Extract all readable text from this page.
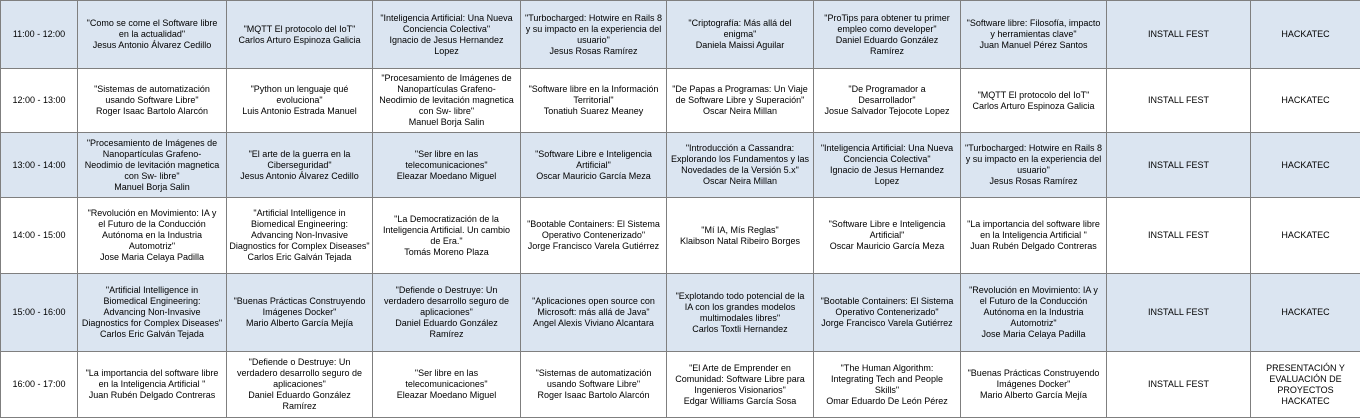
11:00 - 12:00	"Como se come el Software libre
en la actualidad"
Jesus Antonio Álvarez Cedillo	"MQTT El protocolo del IoT"
Carlos Arturo Espinoza Galicia	"Inteligencia Artificial: Una Nueva
Conciencia Colectiva"
Ignacio de Jesus Hernandez
Lopez	"Turbocharged: Hotwire en Rails 8
y su impacto en la experiencia del
usuario"
Jesus Rosas Ramírez	"Criptografía: Más allá del
enigma"
Daniela Maissi Aguilar	"ProTips para obtener tu primer
empleo como developer"
Daniel Eduardo González
Ramírez	"Software libre: Filosofía, impacto
y herramientas clave"
Juan Manuel Pérez Santos	INSTALL FEST	HACKATEC
12:00 - 13:00	"Sistemas de automatización
usando Software Libre"
Roger Isaac Bartolo Alarcón	"Python un lenguaje qué
evoluciona"
Luis Antonio Estrada Manuel	"Procesamiento de Imágenes de
Nanopartículas Grafeno-
Neodimio de levitación magnetica
con Sw- libre"
Manuel Borja Salin	"Software libre en la Información
Territorial"
Tonatiuh Suarez Meaney	"De Papas a Programas: Un Viaje
de Software Libre y Superación"
Oscar Neira Millan	"De Programador a
Desarrollador"
Josue Salvador Tejocote Lopez	"MQTT El protocolo del IoT"
Carlos Arturo Espinoza Galicia	INSTALL FEST	HACKATEC
13:00 - 14:00	"Procesamiento de Imágenes de
Nanopartículas Grafeno-
Neodimio de levitación magnetica
con Sw- libre"
Manuel Borja Salin	"El arte de la guerra en la
Ciberseguridad"
Jesus Antonio Álvarez Cedillo	"Ser libre en las
telecomunicaciones"
Eleazar Moedano Miguel	"Software Libre e Inteligencia
Artificial"
Oscar Mauricio García Meza	"Introducción a Cassandra:
Explorando los Fundamentos y las
Novedades de la Versión 5.x"
Oscar Neira Millan	"Inteligencia Artificial: Una Nueva
Conciencia Colectiva"
Ignacio de Jesus Hernandez
Lopez	"Turbocharged: Hotwire en Rails 8
y su impacto en la experiencia del
usuario"
Jesus Rosas Ramírez	INSTALL FEST	HACKATEC
14:00 - 15:00	"Revolución en Movimiento: IA y
el Futuro de la Conducción
Autónoma en la Industria
Automotriz"
Jose Maria Celaya Padilla	"Artificial Intelligence in
Biomedical Engineering:
Advancing Non-Invasive
Diagnostics for Complex Diseases"
Carlos Eric Galván Tejada	"La Democratización de la
Inteligencia Artificial. Un cambio
de Era."
Tomás Moreno Plaza	"Bootable Containers: El Sistema
Operativo Contenerizado"
Jorge Francisco Varela Gutiérrez	"Mí IA, Mís Reglas"
Klaibson Natal Ribeiro Borges	"Software Libre e Inteligencia
Artificial"
Oscar Mauricio García Meza	"La importancia del software libre
en la Inteligencia Artificial "
Juan Rubén Delgado Contreras	INSTALL FEST	HACKATEC
15:00 - 16:00	"Artificial Intelligence in
Biomedical Engineering:
Advancing Non-Invasive
Diagnostics for Complex Diseases"
Carlos Eric Galván Tejada	"Buenas Prácticas Construyendo
Imágenes Docker"
Mario Alberto García Mejía	"Defiende o Destruye: Un
verdadero desarrollo seguro de
aplicaciones"
Daniel Eduardo González
Ramírez	"Aplicaciones open source con
Microsoft: más allá de Java"
Angel Alexis Viviano Alcantara	"Explotando todo potencial de la
IA con los grandes modelos
multimodales libres"
Carlos Toxtli Hernandez	"Bootable Containers: El Sistema
Operativo Contenerizado"
Jorge Francisco Varela Gutiérrez	"Revolución en Movimiento: IA y
el Futuro de la Conducción
Autónoma en la Industria
Automotriz"
Jose Maria Celaya Padilla	INSTALL FEST	HACKATEC
16:00 - 17:00	"La importancia del software libre
en la Inteligencia Artificial "
Juan Rubén Delgado Contreras	"Defiende o Destruye: Un
verdadero desarrollo seguro de
aplicaciones"
Daniel Eduardo González
Ramírez	"Ser libre en las
telecomunicaciones"
Eleazar Moedano Miguel	"Sistemas de automatización
usando Software Libre"
Roger Isaac Bartolo Alarcón	"El Arte de Emprender en
Comunidad: Software Libre para
Ingenieros Visionarios"
Edgar Williams García Sosa	"The Human Algorithm:
Integrating Tech and People
Skills"
Omar Eduardo De León Pérez	"Buenas Prácticas Construyendo
Imágenes Docker"
Mario Alberto García Mejía	INSTALL FEST	PRESENTACIÓN Y
EVALUACIÓN DE
PROYECTOS
HACKATEC
